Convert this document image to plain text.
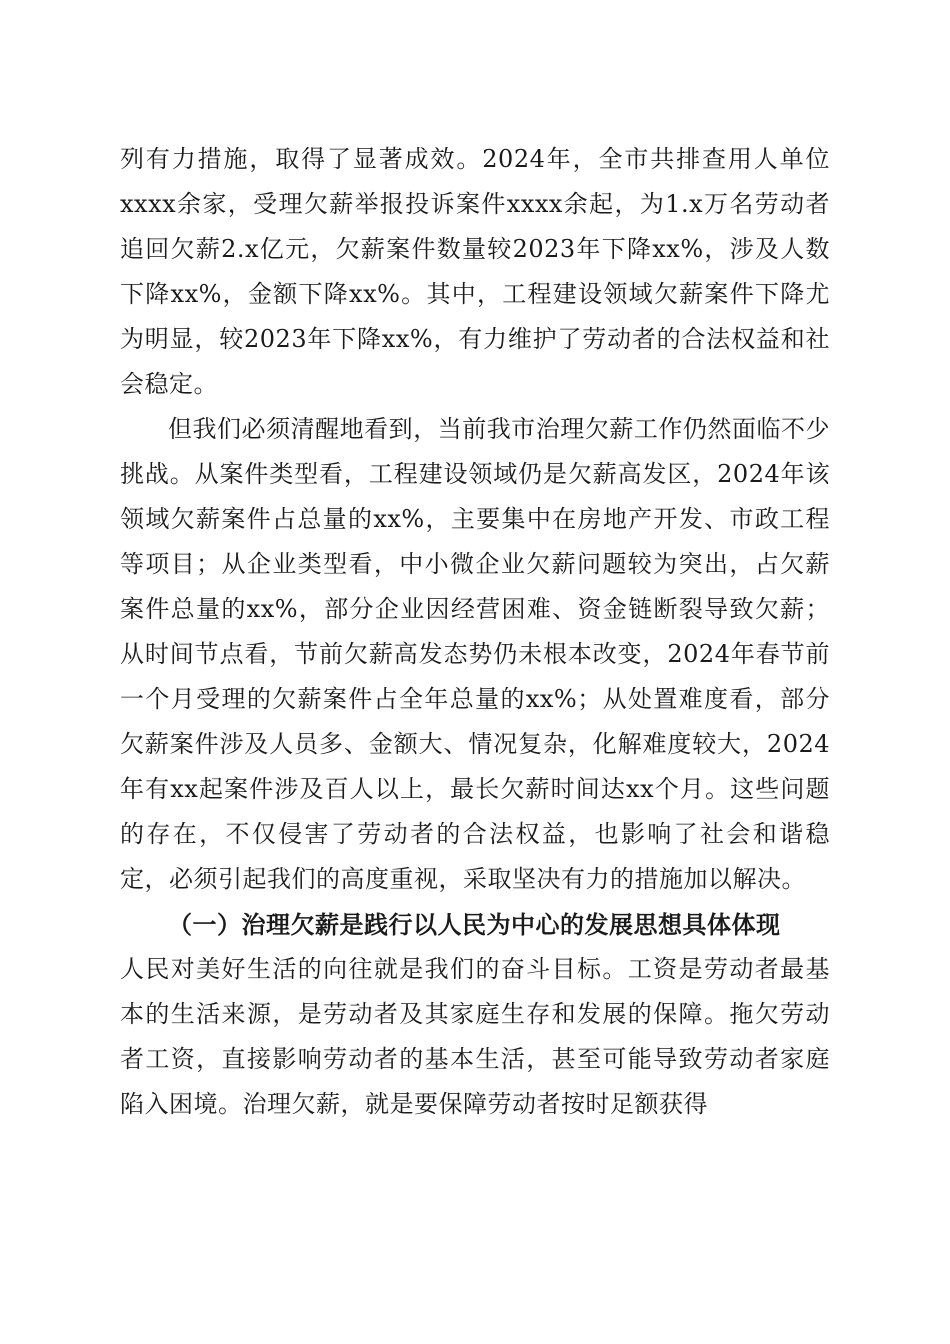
列有力措施，取得了显著成效。2024年，全市共排查用人单位xxxx余家，受理欠薪举报投诉案件xxxx余起，为1.x万名劳动者追回欠薪2.x亿元，欠薪案件数量较2023年下降xx%，涉及人数下降xx%，金额下降xx%。其中，工程建设领域欠薪案件下降尤为明显，较2023年下降xx%，有力维护了劳动者的合法权益和社会稳定。

但我们必须清醒地看到，当前我市治理欠薪工作仍然面临不少挑战。从案件类型看，工程建设领域仍是欠薪高发区，2024年该领域欠薪案件占总量的xx%，主要集中在房地产开发、市政工程等项目；从企业类型看，中小微企业欠薪问题较为突出，占欠薪案件总量的xx%，部分企业因经营困难、资金链断裂导致欠薪；从时间节点看，节前欠薪高发态势仍未根本改变，2024年春节前一个月受理的欠薪案件占全年总量的xx%；从处置难度看，部分欠薪案件涉及人员多、金额大、情况复杂，化解难度较大，2024年有xx起案件涉及百人以上，最长欠薪时间达xx个月。这些问题的存在，不仅侵害了劳动者的合法权益，也影响了社会和谐稳定，必须引起我们的高度重视，采取坚决有力的措施加以解决。

（一）治理欠薪是践行以人民为中心的发展思想具体体现

人民对美好生活的向往就是我们的奋斗目标。工资是劳动者最基本的生活来源，是劳动者及其家庭生存和发展的保障。拖欠劳动者工资，直接影响劳动者的基本生活，甚至可能导致劳动者家庭陷入困境。治理欠薪，就是要保障劳动者按时足额获得
